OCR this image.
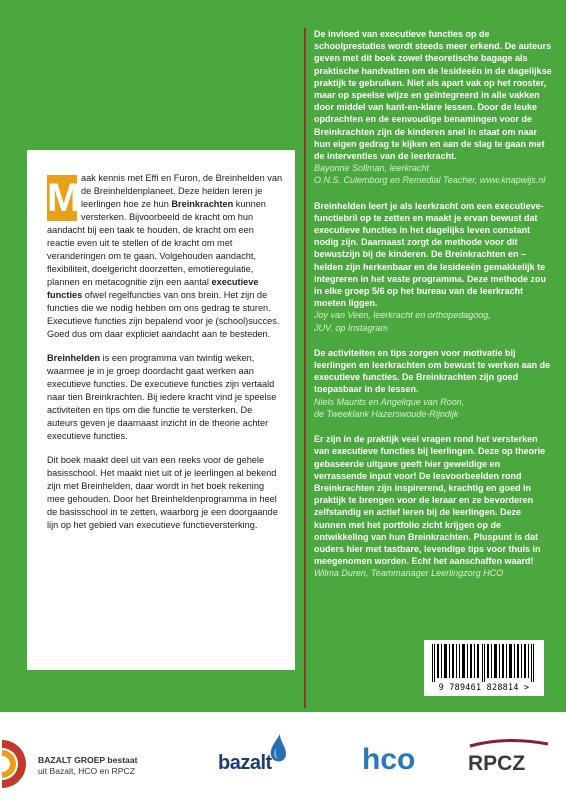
M aak kennis met Effi en Furon, de Breinhelden van de Breinheldenplaneet. Deze helden leren je leerlingen hoe ze hun Breinkrachten kunnen versterken. Bijvoorbeeld de kracht om hun aandacht bij een taak te houden, de kracht om een reactie even uit te stellen of de kracht om met veranderingen om te gaan. Volgehouden aandacht, flexibiliteit, doelgericht doorzetten, emotieregulatie, plannen en metacognitie zijn een aantal executieve functies ofwel regelfuncties van ons brein. Het zijn de functies die we nodig hebben om ons gedrag te sturen. Executieve functies zijn bepalend voor je (school)succes. Goed dus om daar expliciet aandacht aan te besteden.

Breinhelden is een programma van twintig weken, waarmee je in je groep doordacht gaat werken aan executieve functies. De executieve functies zijn vertaald naar tien Breinkrachten. Bij iedere kracht vind je speelse activiteiten en tips om die functie te versterken. De auteurs geven je daarnaast inzicht in de theorie achter executieve functies.

Dit boek maakt deel uit van een reeks voor de gehele basisschool. Het maakt niet uit of je leerlingen al bekend zijn met Breinhelden, daar wordt in het boek rekening mee gehouden. Door het Breinheldenprogramma in heel de basisschool in te zetten, waarborg je een doorgaande lijn op het gebied van executieve functieversterking.

De invloed van executieve functies op de schoolprestaties wordt steeds meer erkend. De auteurs geven met dit boek zowel theoretische bagage als praktische handvatten om de lesideeën in de dagelijkse praktijk te gebruiken. Niet als apart vak op het rooster, maar op speelse wijze en geïntegreerd in alle vakken door middel van kant-en-klare lessen. Door de leuke opdrachten en de eenvoudige benamingen voor de Breinkrachten zijn de kinderen snel in staat om naar hun eigen gedrag te kijken en aan de slag te gaan met de interventies van de leerkracht.
Bayonne Sollman, leerkracht
O.N.S. Culemborg en Remedial Teacher, www.knapwijs.nl
Breinhelden leert je als leerkracht om een executieve-functiebril op te zetten en maakt je ervan bewust dat executieve functies in het dagelijks leven constant nodig zijn. Daarnaast zorgt de methode voor dit bewustzijn bij de kinderen. De Breinkrachten en –helden zijn herkenbaar en de lesideeën gemakkelijk te integreren in het vaste programma. Deze methode zou in elke groep 5/6 op het bureau van de leerkracht moeten liggen.
Joy van Veen, leerkracht en orthopedagoog,
JUV. op Instagram
De activiteiten en tips zorgen voor motivatie bij leerlingen en leerkrachten om bewust te werken aan de executieve functies. De Breinkrachten zijn goed toepasbaar in de lessen.
Niels Maurits en Angelique van Roon,
de Tweeklank Hazerswoude-Rijndijk
Er zijn in de praktijk veel vragen rond het versterken van executieve functies bij leerlingen. Deze op theorie gebaseerde uitgave geeft hier geweldige en verrassende input voor! De lesvoorbeelden rond Breinkrachten zijn inspirerend, krachtig en goed in praktijk te brengen voor de leraar en ze bevorderen zelfstandig en actief leren bij de leerlingen. Deze kunnen met het portfolio zicht krijgen op de ontwikkeling van hun Breinkrachten. Pluspunt is dat ouders hier met tastbare, levendige tips voor thuis in meegenomen worden. Echt het aanschaffen waard!
Wilma Duren, Teammanager Leerlingzorg HCO
9 789461 828814 >
BAZALT GROEP bestaat
uit Bazalt, HCO en RPCZ	bazalt	hco	RPCZ
